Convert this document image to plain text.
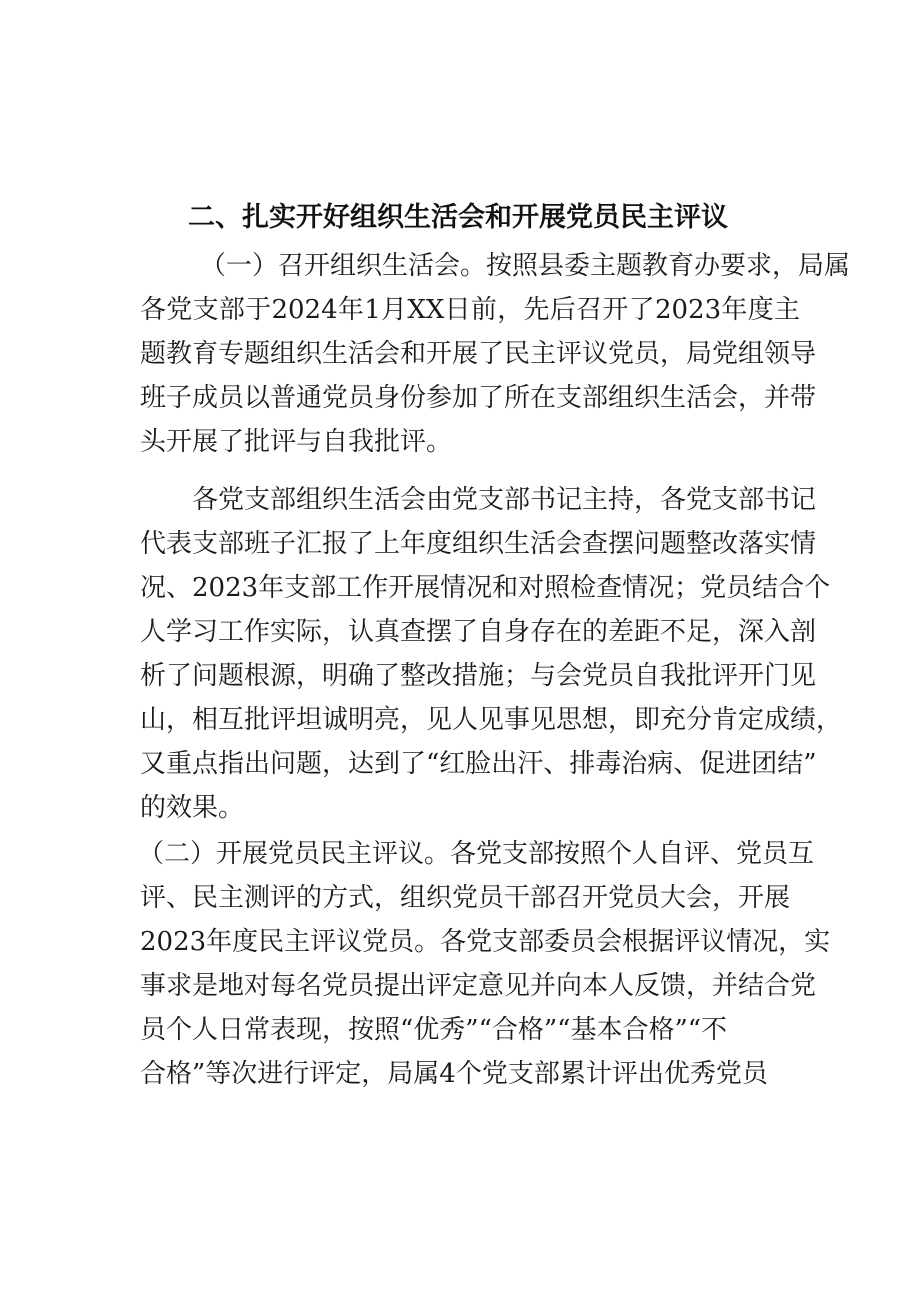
二、扎实开好组织生活会和开展党员民主评议
（一）召开组织生活会。按照县委主题教育办要求，局属
各党支部于2024年1月XX日前，先后召开了2023年度主
题教育专题组织生活会和开展了民主评议党员，局党组领导
班子成员以普通党员身份参加了所在支部组织生活会，并带
头开展了批评与自我批评。
各党支部组织生活会由党支部书记主持，各党支部书记
代表支部班子汇报了上年度组织生活会查摆问题整改落实情
况、2023年支部工作开展情况和对照检查情况；党员结合个
人学习工作实际，认真查摆了自身存在的差距不足，深入剖
析了问题根源，明确了整改措施；与会党员自我批评开门见
山，相互批评坦诚明亮，见人见事见思想，即充分肯定成绩，
又重点指出问题，达到了“红脸出汗、排毒治病、促进团结”
的效果。
（二）开展党员民主评议。各党支部按照个人自评、党员互
评、民主测评的方式，组织党员干部召开党员大会，开展
2023年度民主评议党员。各党支部委员会根据评议情况，实
事求是地对每名党员提出评定意见并向本人反馈，并结合党
员个人日常表现，按照“优秀”“合格”“基本合格”“不
合格”等次进行评定，局属4个党支部累计评出优秀党员
